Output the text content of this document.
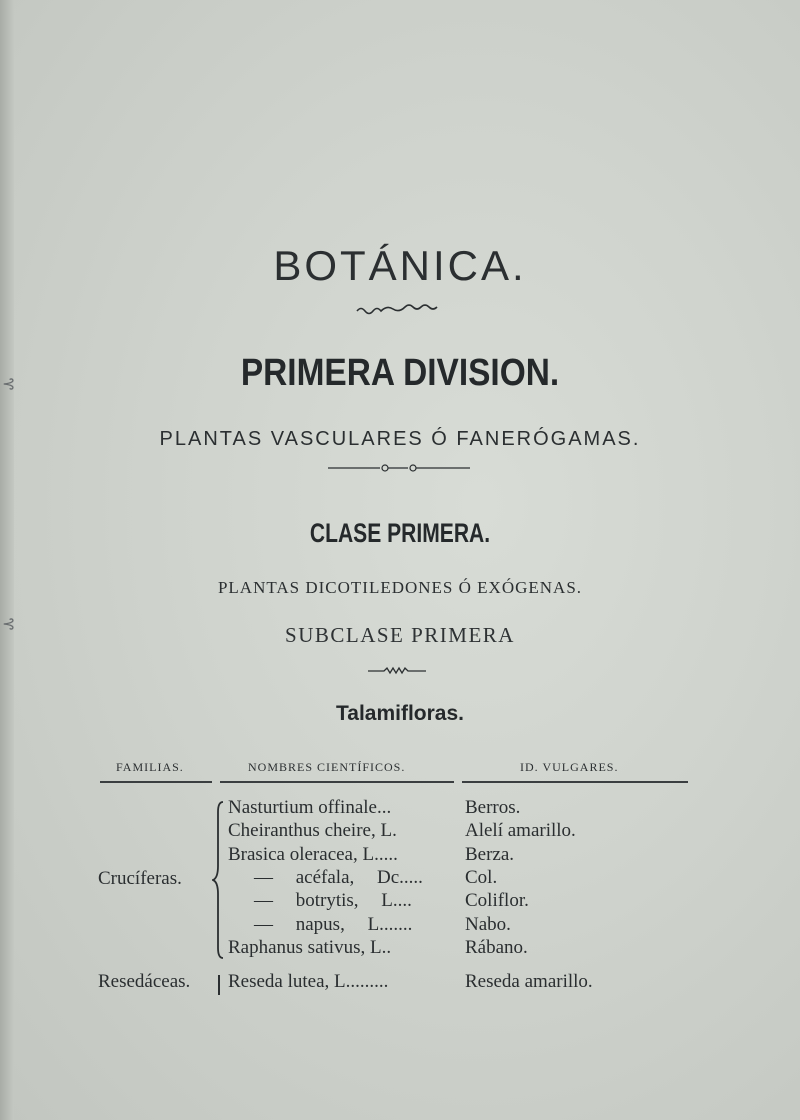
⊰
⊰
BOTÁNICA.
PRIMERA DIVISION.
PLANTAS VASCULARES Ó FANERÓGAMAS.
CLASE PRIMERA.
PLANTAS DICOTILEDONES Ó EXÓGENAS.
SUBCLASE PRIMERA
Talamifloras.
FAMILIAS.	NOMBRES CIENTÍFICOS.	ID. VULGARES.
Crucíferas.
Nasturtium offinale...	Berros.
Cheiranthus cheire, L.	Alelí amarillo.
Brasica oleracea, L.....	Berza.
— acéfala, Dc..... Col.
— botrytis, L....	Coliflor.
— napus, L.......	Nabo.
Raphanus sativus, L..	Rábano.
Resedáceas. Reseda lutea, L.........	Reseda amarillo.
